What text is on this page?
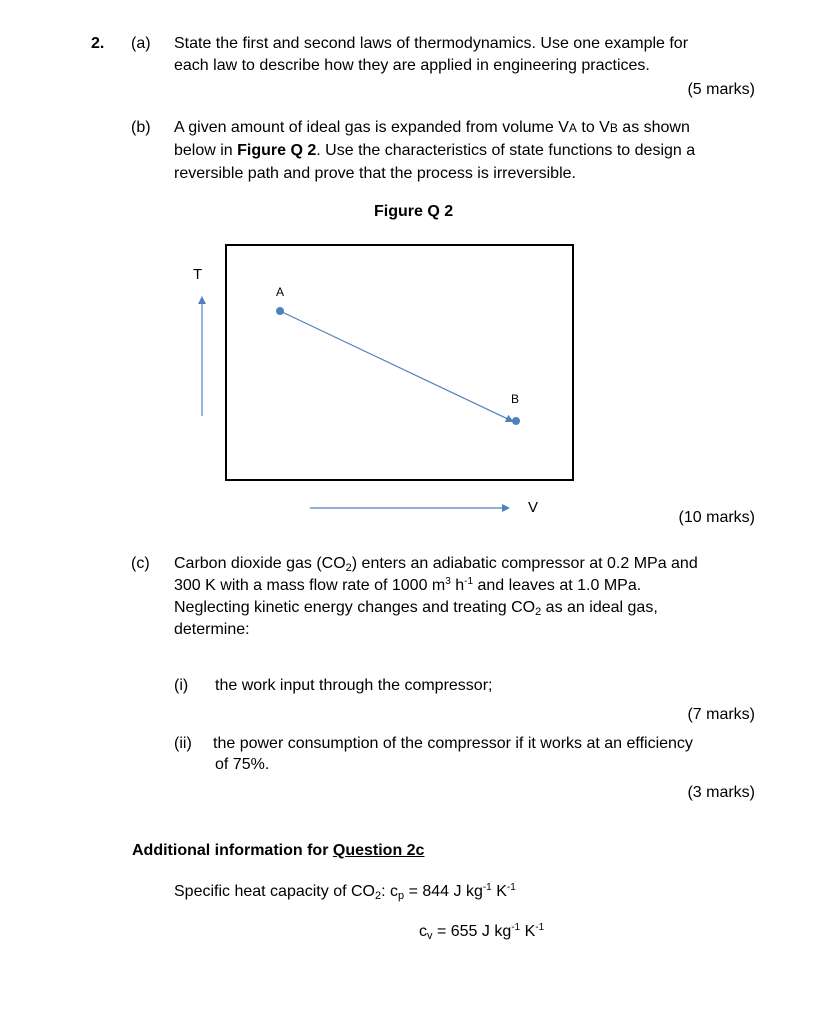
2. (a) State the first and second laws of thermodynamics. Use one example for
each law to describe how they are applied in engineering practices.
(5 marks)
(b) A given amount of ideal gas is expanded from volume VA to VB as shown
below in Figure Q 2. Use the characteristics of state functions to design a
reversible path and prove that the process is irreversible.
Figure Q 2
T
V
A
B
(10 marks)
(c) Carbon dioxide gas $(CO_2)$ enters an adiabatic compressor at 0.2 MPa and
300 K with a mass flow rate of 1000 $m^3$ $h^{-1}$ and leaves at 1.0 MPa.
Neglecting kinetic energy changes and treating $CO_2$ as an ideal gas,
determine:
(i) the work input through the compressor;
(7 marks)
(ii) the power consumption of the compressor if it works at an efficiency
of 75%.
(3 marks)
Additional information for Question 2c
Specific heat capacity of $CO_2$: $c_p = 844$ J $kg^{-1}$ $K^{-1}$
$c_v = 655$ J $kg^{-1}$ $K^{-1}$
